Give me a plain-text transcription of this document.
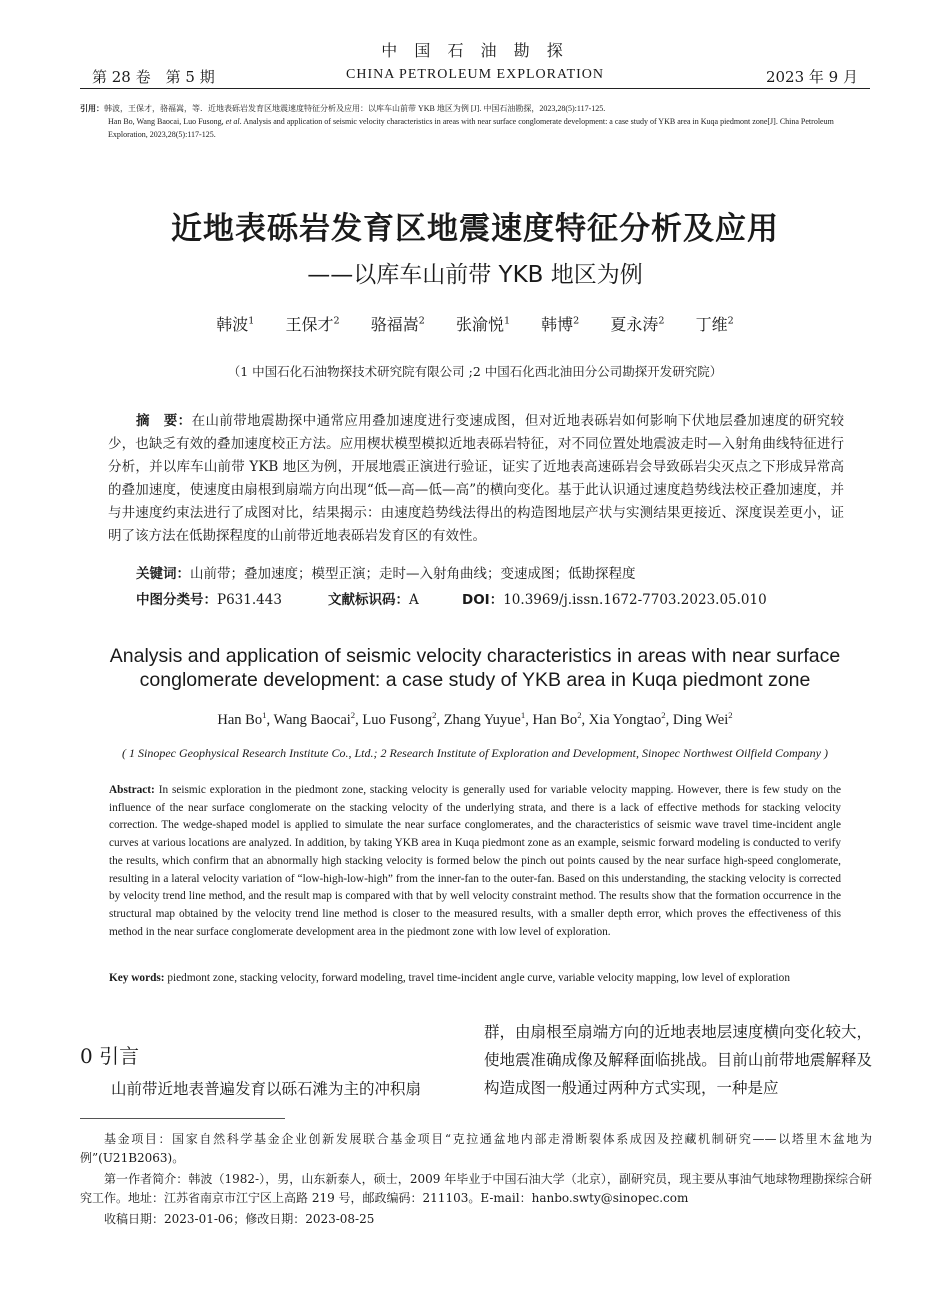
中 国 石 油 勘 探
第 28 卷　第 5 期	CHINA PETROLEUM EXPLORATION	2023 年 9 月
引用：韩波，王保才，骆福嵩，等．近地表砾岩发育区地震速度特征分析及应用：以库车山前带 YKB 地区为例 [J]. 中国石油勘探，2023,28(5):117-125.
Han Bo, Wang Baocai, Luo Fusong, et al. Analysis and application of seismic velocity characteristics in areas with near surface conglomerate development: a case study of YKB area in Kuqa piedmont zone[J]. China Petroleum Exploration, 2023,28(5):117-125.
近地表砾岩发育区地震速度特征分析及应用
——以库车山前带 YKB 地区为例
韩波$^1$ 王保才$^2$ 骆福嵩$^2$ 张渝悦$^1$ 韩博$^2$ 夏永涛$^2$ 丁维$^2$
（1 中国石化石油物探技术研究院有限公司 ;2 中国石化西北油田分公司勘探开发研究院）
摘　要：在山前带地震勘探中通常应用叠加速度进行变速成图，但对近地表砾岩如何影响下伏地层叠加速度的研究较少，也缺乏有效的叠加速度校正方法。应用楔状模型模拟近地表砾岩特征，对不同位置处地震波走时—入射角曲线特征进行分析，并以库车山前带 YKB 地区为例，开展地震正演进行验证，证实了近地表高速砾岩会导致砾岩尖灭点之下形成异常高的叠加速度，使速度由扇根到扇端方向出现“低—高—低—高”的横向变化。基于此认识通过速度趋势线法校正叠加速度，并与井速度约束法进行了成图对比，结果揭示：由速度趋势线法得出的构造图地层产状与实测结果更接近、深度误差更小，证明了该方法在低勘探程度的山前带近地表砾岩发育区的有效性。
关键词：山前带；叠加速度；模型正演；走时—入射角曲线；变速成图；低勘探程度
中图分类号：P631.443	文献标识码：A	DOI：10.3969/j.issn.1672-7703.2023.05.010
Analysis and application of seismic velocity characteristics in areas with near surface conglomerate development: a case study of YKB area in Kuqa piedmont zone
Han Bo$^1$, Wang Baocai$^2$, Luo Fusong$^2$, Zhang Yuyue$^1$, Han Bo$^2$, Xia Yongtao$^2$, Ding Wei$^2$
( 1 Sinopec Geophysical Research Institute Co., Ltd.; 2 Research Institute of Exploration and Development, Sinopec Northwest Oilfield Company )
Abstract: In seismic exploration in the piedmont zone, stacking velocity is generally used for variable velocity mapping. However, there is few study on the influence of the near surface conglomerate on the stacking velocity of the underlying strata, and there is a lack of effective methods for stacking velocity correction. The wedge-shaped model is applied to simulate the near surface conglomerates, and the characteristics of seismic wave travel time-incident angle curves at various locations are analyzed. In addition, by taking YKB area in Kuqa piedmont zone as an example, seismic forward modeling is conducted to verify the results, which confirm that an abnormally high stacking velocity is formed below the pinch out points caused by the near surface high-speed conglomerate, resulting in a lateral velocity variation of “low-high-low-high” from the inner-fan to the outer-fan. Based on this understanding, the stacking velocity is corrected by velocity trend line method, and the result map is compared with that by well velocity constraint method. The results show that the formation occurrence in the structural map obtained by the velocity trend line method is closer to the measured results, with a smaller depth error, which proves the effectiveness of this method in the near surface conglomerate development area in the piedmont zone with low level of exploration.
Key words: piedmont zone, stacking velocity, forward modeling, travel time-incident angle curve, variable velocity mapping, low level of exploration
0 引言
山前带近地表普遍发育以砾石滩为主的冲积扇
群，由扇根至扇端方向的近地表地层速度横向变化较大，使地震准确成像及解释面临挑战。目前山前带地震解释及构造成图一般通过两种方式实现，一种是应
基金项目：国家自然科学基金企业创新发展联合基金项目“克拉通盆地内部走滑断裂体系成因及控藏机制研究——以塔里木盆地为例”(U21B2063)。
第一作者简介：韩波（1982-），男，山东新泰人，硕士，2009 年毕业于中国石油大学（北京），副研究员，现主要从事油气地球物理勘探综合研究工作。地址：江苏省南京市江宁区上高路 219 号，邮政编码：211103。E-mail：hanbo.swty@sinopec.com
收稿日期：2023-01-06；修改日期：2023-08-25
